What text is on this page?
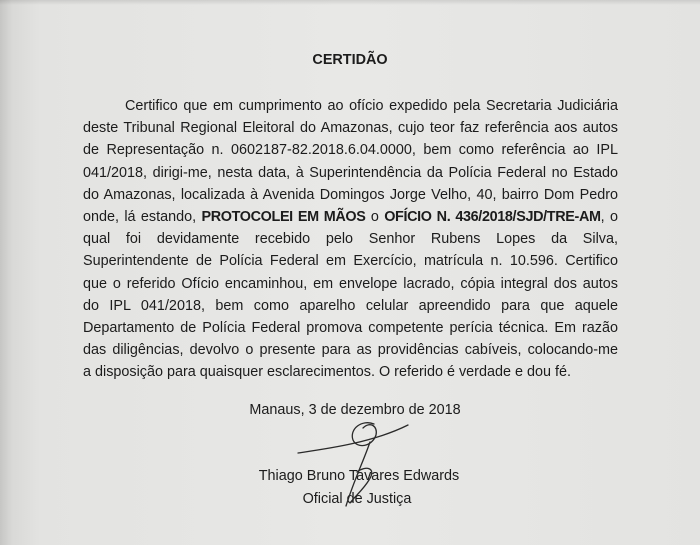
CERTIDÃO
Certifico que em cumprimento ao ofício expedido pela Secretaria Judiciária
deste Tribunal Regional Eleitoral do Amazonas, cujo teor faz referência aos autos
de Representação n. 0602187-82.2018.6.04.0000, bem como referência ao IPL
041/2018, dirigi-me, nesta data, à Superintendência da Polícia Federal no Estado
do Amazonas, localizada à Avenida Domingos Jorge Velho, 40, bairro Dom Pedro
onde, lá estando, PROTOCOLEI EM MÃOS o OFÍCIO N. 436/2018/SJD/TRE-AM, o
qual foi devidamente recebido pelo Senhor Rubens Lopes da Silva,
Superintendente de Polícia Federal em Exercício, matrícula n. 10.596. Certifico
que o referido Ofício encaminhou, em envelope lacrado, cópia integral dos autos
do IPL 041/2018, bem como aparelho celular apreendido para que aquele
Departamento de Polícia Federal promova competente perícia técnica. Em razão
das diligências, devolvo o presente para as providências cabíveis, colocando-me
a disposição para quaisquer esclarecimentos. O referido é verdade e dou fé.
Manaus, 3 de dezembro de 2018
Thiago Bruno Tavares Edwards
Oficial de Justiça
